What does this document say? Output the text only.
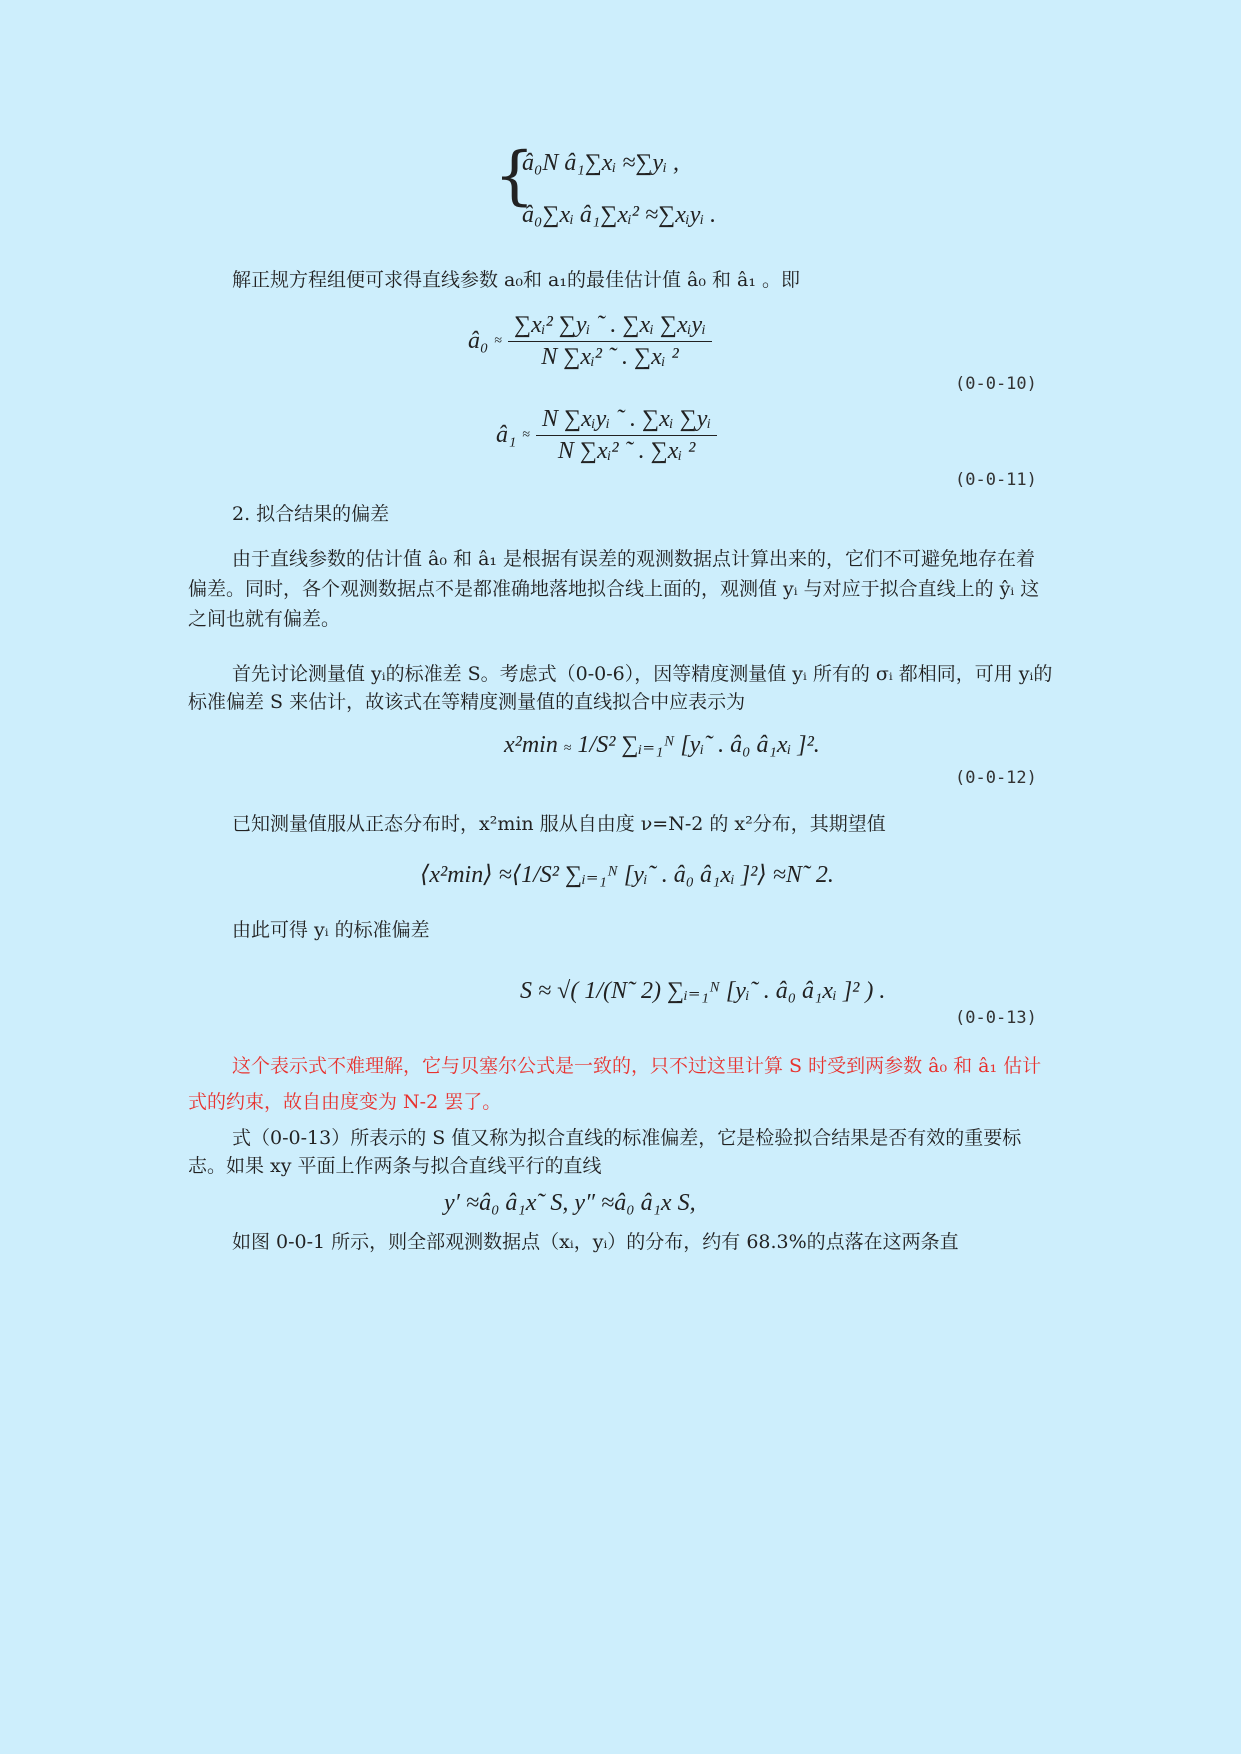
{
â₀N â₁∑xᵢ ≈∑yᵢ ,
â₀∑xᵢ â₁∑xᵢ² ≈∑xᵢyᵢ .
解正规方程组便可求得直线参数 a₀和 a₁的最佳估计值 â₀ 和 â₁ 。即
â₀ ≈ $\frac{\text{∑xᵢ² ∑yᵢ ˜ . ∑xᵢ ∑xᵢyᵢ}}{\text{N ∑xᵢ² ˜ . ∑xᵢ ²}}$
(0-0-10)
â₁ ≈ $\frac{\text{N ∑xᵢyᵢ ˜ . ∑xᵢ ∑yᵢ}}{\text{N ∑xᵢ² ˜ . ∑xᵢ ²}}$
(0-0-11)
2. 拟合结果的偏差
由于直线参数的估计值 â₀ 和 â₁ 是根据有误差的观测数据点计算出来的，它们不可避免地存在着偏差。同时，各个观测数据点不是都准确地落地拟合线上面的，观测值 yᵢ 与对应于拟合直线上的 ŷᵢ 这之间也就有偏差。
首先讨论测量值 yᵢ的标准差 S。考虑式（0-0-6），因等精度测量值 yᵢ 所有的 σᵢ 都相同，可用 yᵢ的标准偏差 S 来估计，故该式在等精度测量值的直线拟合中应表示为
x²min ≈ 1/S² ∑ᵢ₌₁ᴺ [yᵢ˜ . â₀ â₁xᵢ ]².
(0-0-12)
已知测量值服从正态分布时，x²min 服从自由度 ν=N-2 的 x²分布，其期望值
⟨x²min⟩ ≈⟨1/S² ∑ᵢ₌₁ᴺ [yᵢ˜ . â₀ â₁xᵢ ]²⟩ ≈N˜ 2.
由此可得 yᵢ 的标准偏差
S ≈ √( 1/(N˜ 2) ∑ᵢ₌₁ᴺ [yᵢ˜ . â₀ â₁xᵢ ]² ) .
(0-0-13)
这个表示式不难理解，它与贝塞尔公式是一致的，只不过这里计算 S 时受到两参数 â₀ 和 â₁ 估计式的约束，故自由度变为 N-2 罢了。
式（0-0-13）所表示的 S 值又称为拟合直线的标准偏差，它是检验拟合结果是否有效的重要标志。如果 xy 平面上作两条与拟合直线平行的直线
y′ ≈â₀ â₁x˜ S, y″ ≈â₀ â₁x S,
如图 0-0-1 所示，则全部观测数据点（xᵢ，yᵢ）的分布，约有 68.3%的点落在这两条直
